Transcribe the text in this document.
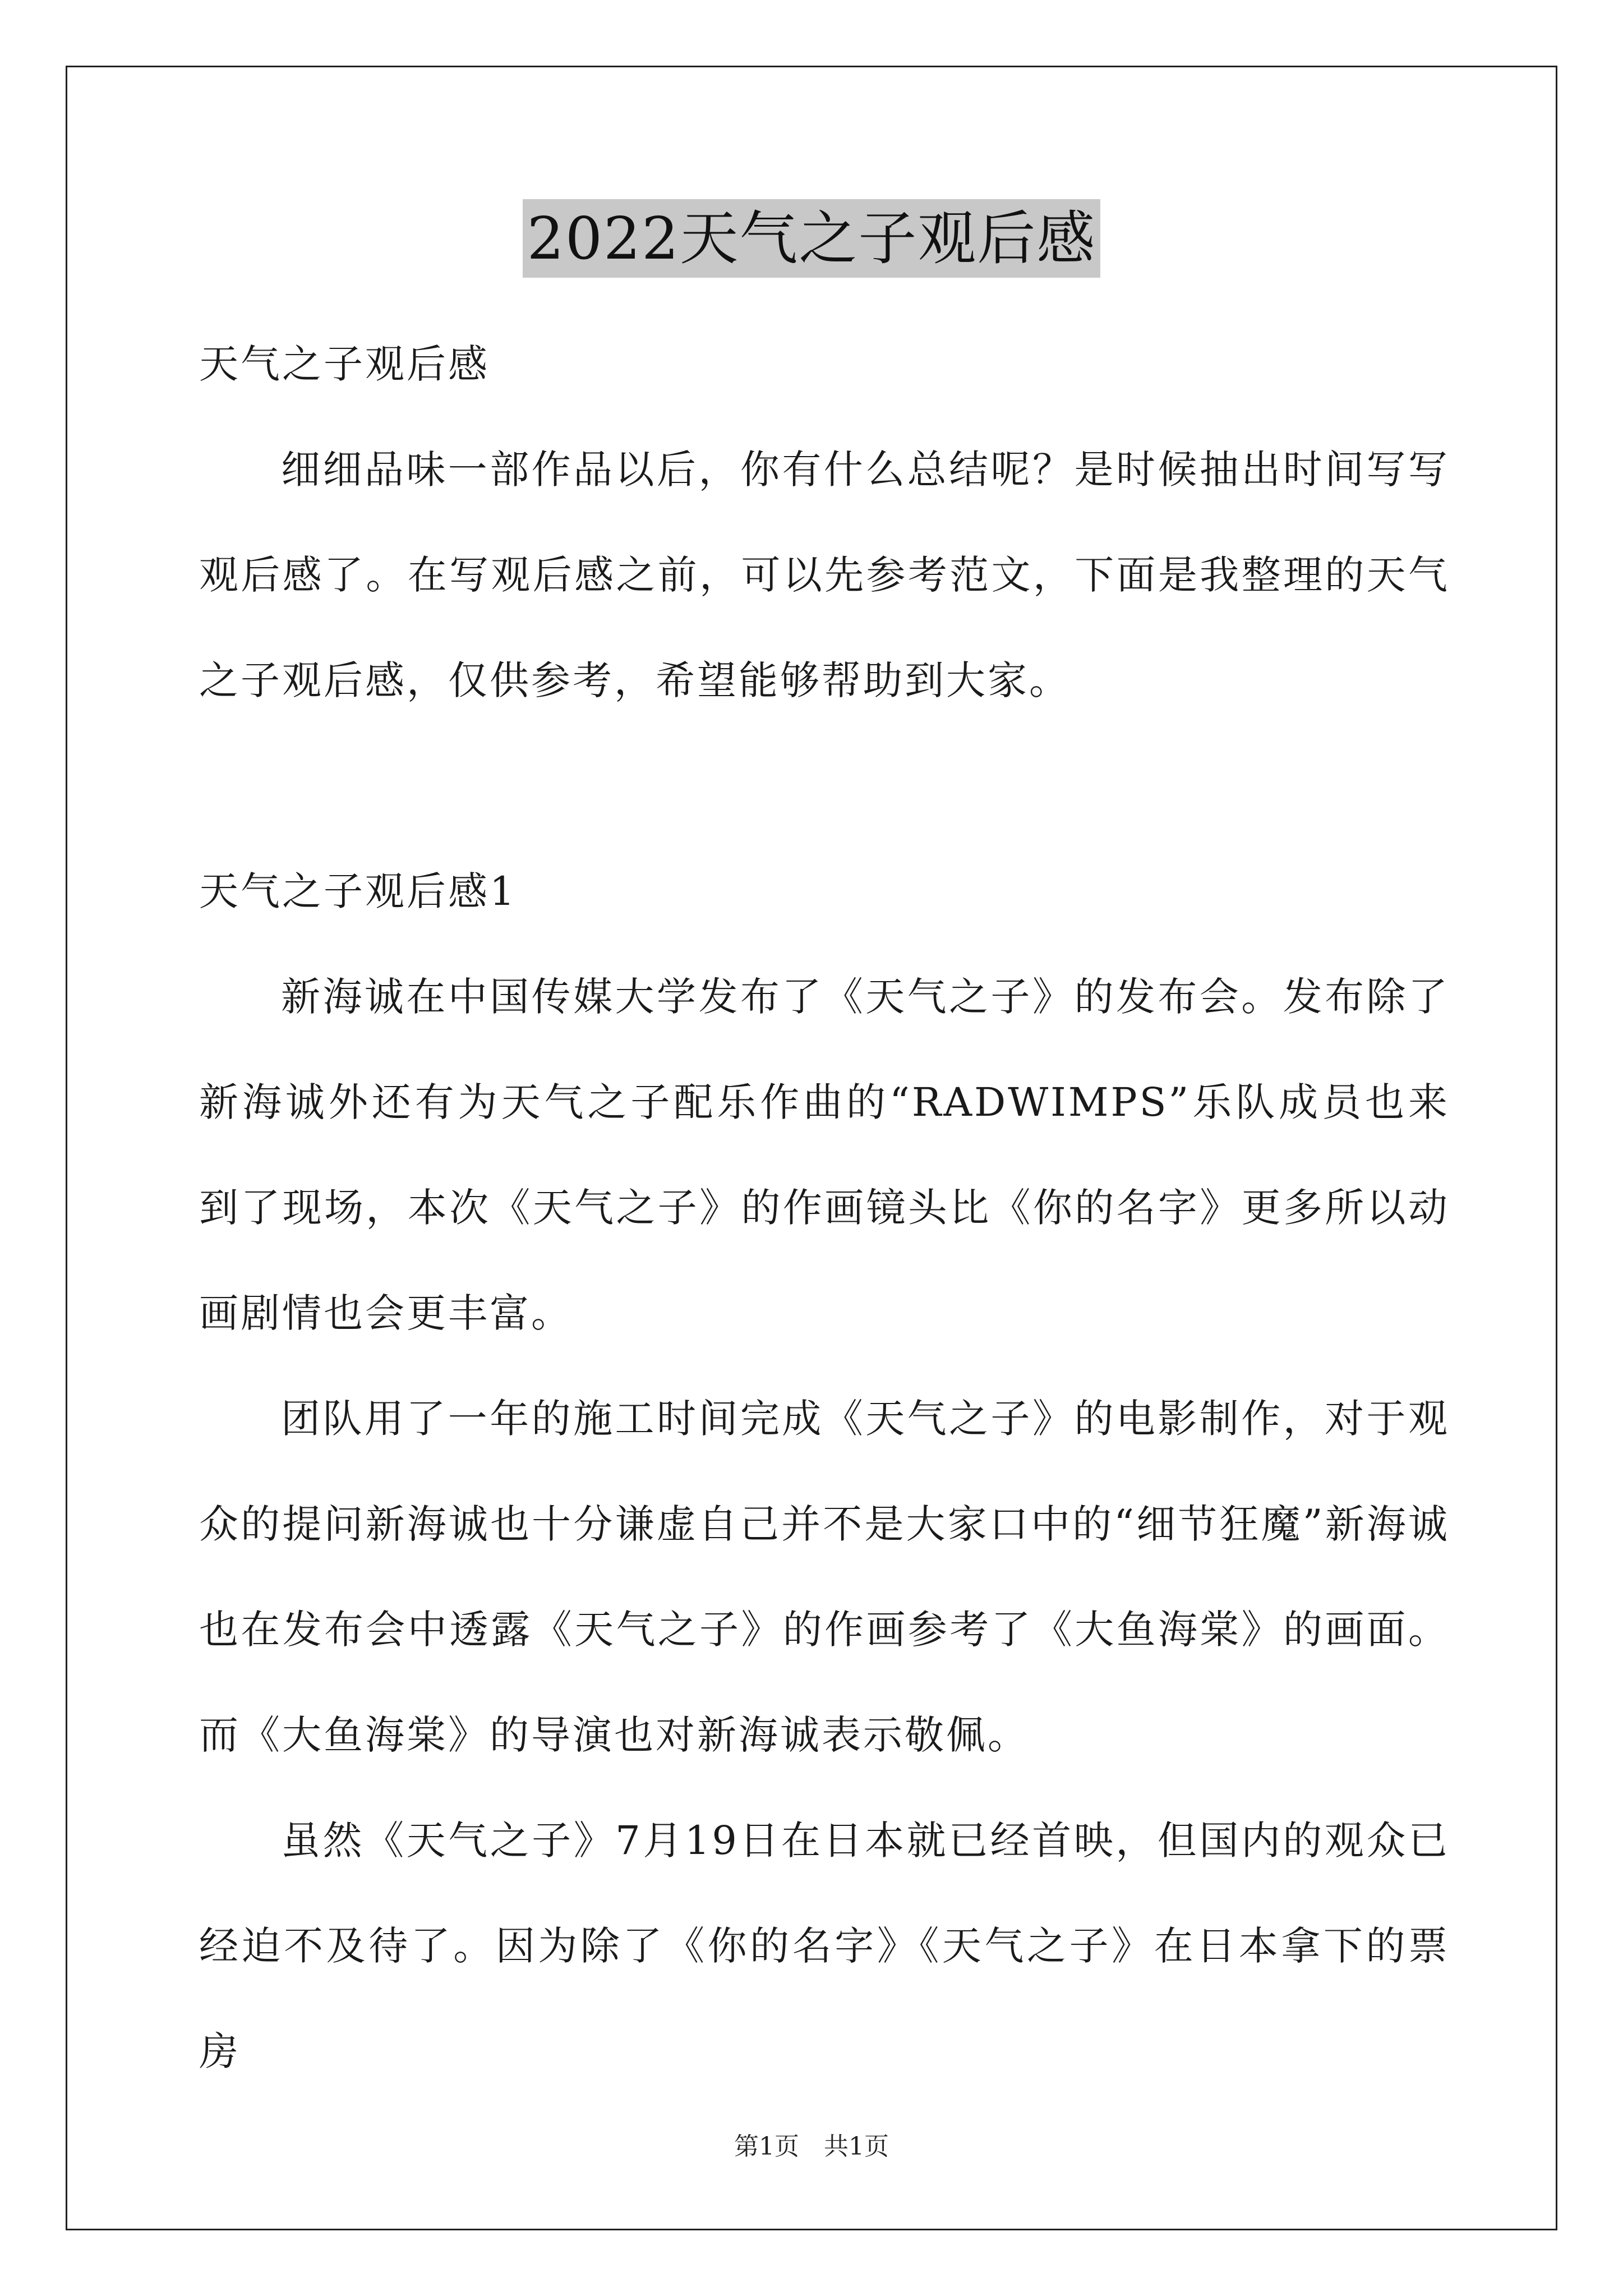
2022天气之子观后感

天气之子观后感

细细品味一部作品以后，你有什么总结呢？是时候抽出时间写写观后感了。在写观后感之前，可以先参考范文，下面是我整理的天气之子观后感，仅供参考，希望能够帮助到大家。

天气之子观后感1

新海诚在中国传媒大学发布了《天气之子》的发布会。发布除了新海诚外还有为天气之子配乐作曲的“RADWIMPS”乐队成员也来到了现场，本次《天气之子》的作画镜头比《你的名字》更多所以动画剧情也会更丰富。

团队用了一年的施工时间完成《天气之子》的电影制作，对于观众的提问新海诚也十分谦虚自己并不是大家口中的“细节狂魔”新海诚也在发布会中透露《天气之子》的作画参考了《大鱼海棠》的画面。而《大鱼海棠》的导演也对新海诚表示敬佩。

虽然《天气之子》7月19日在日本就已经首映，但国内的观众已经迫不及待了。因为除了《你的名字》《天气之子》在日本拿下的票房

第1页　共1页
